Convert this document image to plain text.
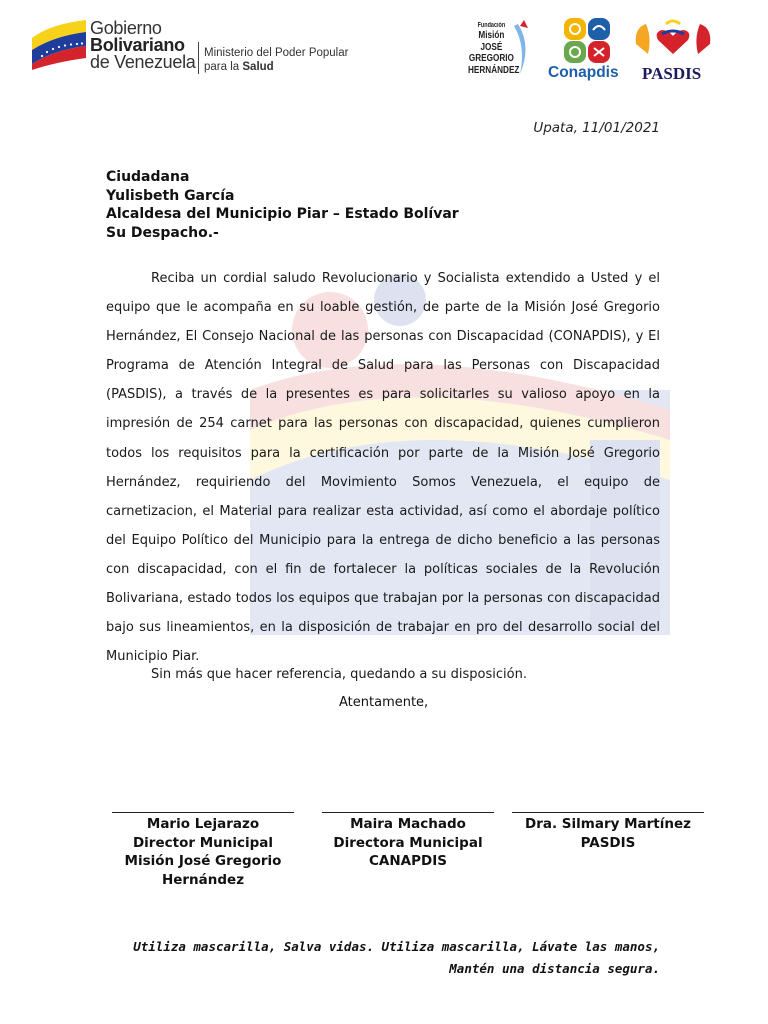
Gobierno
Bolivariano
de Venezuela Ministerio del Poder Popular
para la Salud
Fundación
Misión JOSÉ
GREGORIO
HERNÁNDEZ Conapdis PASDIS
Upata, 11/01/2021
Ciudadana
Yulisbeth García
Alcaldesa del Municipio Piar – Estado Bolívar
Su Despacho.-
Reciba un cordial saludo Revolucionario y Socialista extendido a Usted y el equipo que le acompaña en su loable gestión, de parte de la Misión José Gregorio Hernández, El Consejo Nacional de las personas con Discapacidad (CONAPDIS), y El Programa de Atención Integral de Salud para las Personas con Discapacidad (PASDIS), a través de la presentes es para solicitarles su valioso apoyo en la impresión de 254 carnet para las personas con discapacidad, quienes cumplieron todos los requisitos para la certificación por parte de la Misión José Gregorio Hernández, requiriendo del Movimiento Somos Venezuela, el equipo de carnetizacion, el Material para realizar esta actividad, así como el abordaje político del Equipo Político del Municipio para la entrega de dicho beneficio a las personas con discapacidad, con el fin de fortalecer la políticas sociales de la Revolución Bolivariana, estado todos los equipos que trabajan por la personas con discapacidad bajo sus lineamientos, en la disposición de trabajar en pro del desarrollo social del Municipio Piar.
Sin más que hacer referencia, quedando a su disposición.
Atentamente,
Mario Lejarazo
Director Municipal
Misión José Gregorio
Hernández
Maira Machado
Directora Municipal
CANAPDIS
Dra. Silmary Martínez
PASDIS
Utiliza mascarilla, Salva vidas. Utiliza mascarilla, Lávate las manos,
Mantén una distancia segura.
